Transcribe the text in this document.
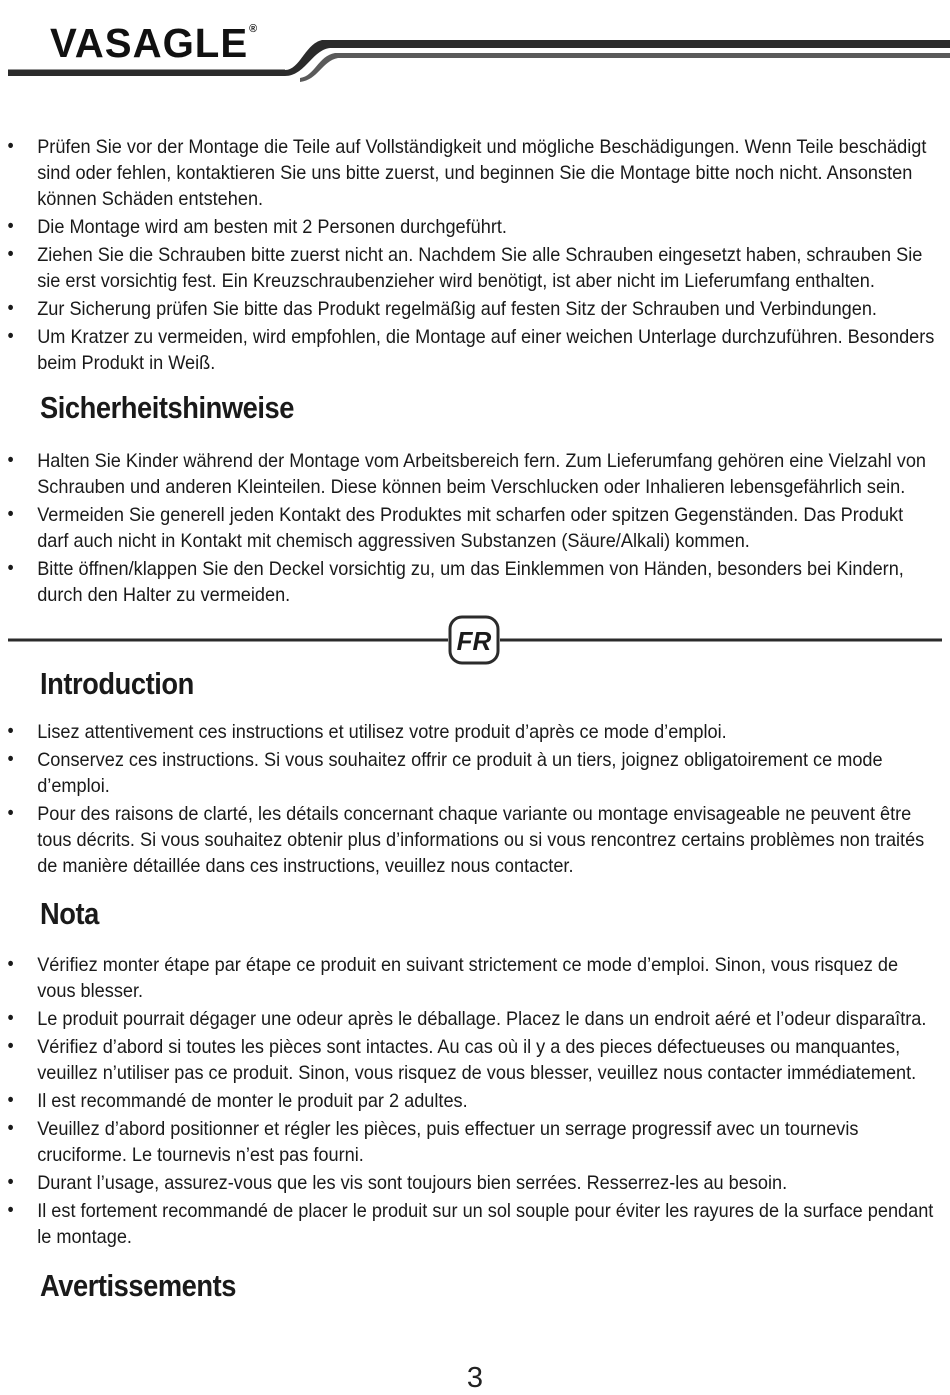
VASAGLE®
• Prüfen Sie vor der Montage die Teile auf Vollständigkeit und mögliche Beschädigungen. Wenn Teile beschädigt sind oder fehlen, kontaktieren Sie uns bitte zuerst, und beginnen Sie die Montage bitte noch nicht. Ansonsten können Schäden entstehen.
• Die Montage wird am besten mit 2 Personen durchgeführt.
• Ziehen Sie die Schrauben bitte zuerst nicht an. Nachdem Sie alle Schrauben eingesetzt haben, schrauben Sie sie erst vorsichtig fest. Ein Kreuzschraubenzieher wird benötigt, ist aber nicht im Lieferumfang enthalten.
• Zur Sicherung prüfen Sie bitte das Produkt regelmäßig auf festen Sitz der Schrauben und Verbindungen.
• Um Kratzer zu vermeiden, wird empfohlen, die Montage auf einer weichen Unterlage durchzuführen. Besonders beim Produkt in Weiß.
Sicherheitshinweise
• Halten Sie Kinder während der Montage vom Arbeitsbereich fern. Zum Lieferumfang gehören eine Vielzahl von Schrauben und anderen Kleinteilen. Diese können beim Verschlucken oder Inhalieren lebensgefährlich sein.
• Vermeiden Sie generell jeden Kontakt des Produktes mit scharfen oder spitzen Gegenständen. Das Produkt darf auch nicht in Kontakt mit chemisch aggressiven Substanzen (Säure/Alkali) kommen.
• Bitte öffnen/klappen Sie den Deckel vorsichtig zu, um das Einklemmen von Händen, besonders bei Kindern, durch den Halter zu vermeiden.
FR
Introduction
• Lisez attentivement ces instructions et utilisez votre produit d’après ce mode d’emploi.
• Conservez ces instructions. Si vous souhaitez offrir ce produit à un tiers, joignez obligatoirement ce mode d’emploi.
• Pour des raisons de clarté, les détails concernant chaque variante ou montage envisageable ne peuvent être tous décrits. Si vous souhaitez obtenir plus d’informations ou si vous rencontrez certains problèmes non traités de manière détaillée dans ces instructions, veuillez nous contacter.
Nota
• Vérifiez monter étape par étape ce produit en suivant strictement ce mode d’emploi. Sinon, vous risquez de vous blesser.
• Le produit pourrait dégager une odeur après le déballage. Placez le dans un endroit aéré et l’odeur disparaîtra.
• Vérifiez d’abord si toutes les pièces sont intactes. Au cas où il y a des pieces défectueuses ou manquantes, veuillez n’utiliser pas ce produit. Sinon, vous risquez de vous blesser, veuillez nous contacter immédiatement.
• Il est recommandé de monter le produit par 2 adultes.
• Veuillez d’abord positionner et régler les pièces, puis effectuer un serrage progressif avec un tournevis cruciforme. Le tournevis n’est pas fourni.
• Durant l’usage, assurez-vous que les vis sont toujours bien serrées. Resserrez-les au besoin.
• Il est fortement recommandé de placer le produit sur un sol souple pour éviter les rayures de la surface pendant le montage.
Avertissements
3
